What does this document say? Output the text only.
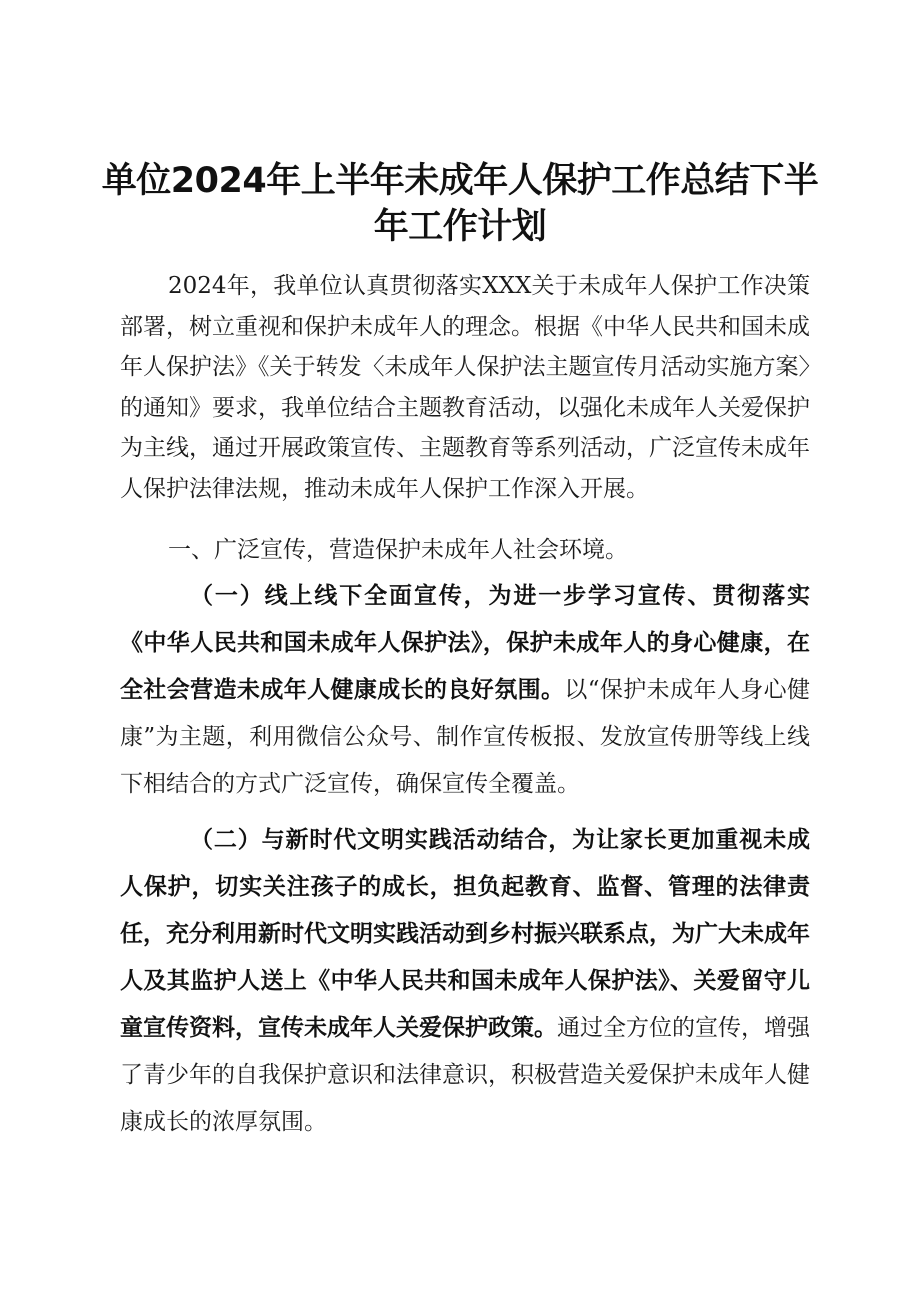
单位2024年上半年未成年人保护工作总结下半年工作计划

2024年，我单位认真贯彻落实XXX关于未成年人保护工作决策部署，树立重视和保护未成年人的理念。根据《中华人民共和国未成年人保护法》《关于转发〈未成年人保护法主题宣传月活动实施方案〉的通知》要求，我单位结合主题教育活动，以强化未成年人关爱保护为主线，通过开展政策宣传、主题教育等系列活动，广泛宣传未成年人保护法律法规，推动未成年人保护工作深入开展。

一、广泛宣传，营造保护未成年人社会环境。

（一）线上线下全面宣传，为进一步学习宣传、贯彻落实《中华人民共和国未成年人保护法》，保护未成年人的身心健康，在全社会营造未成年人健康成长的良好氛围。以“保护未成年人身心健康”为主题，利用微信公众号、制作宣传板报、发放宣传册等线上线下相结合的方式广泛宣传，确保宣传全覆盖。

（二）与新时代文明实践活动结合，为让家长更加重视未成人保护，切实关注孩子的成长，担负起教育、监督、管理的法律责任，充分利用新时代文明实践活动到乡村振兴联系点，为广大未成年人及其监护人送上《中华人民共和国未成年人保护法》、关爱留守儿童宣传资料，宣传未成年人关爱保护政策。通过全方位的宣传，增强了青少年的自我保护意识和法律意识，积极营造关爱保护未成年人健康成长的浓厚氛围。
